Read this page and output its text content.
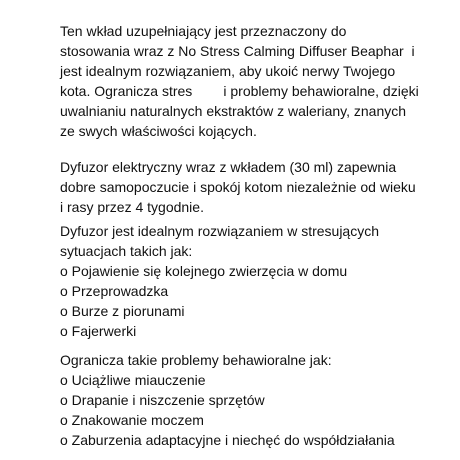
Ten wkład uzupełniający jest przeznaczony do
stosowania wraz z No Stress Calming Diffuser Beaphar  i
jest idealnym rozwiązaniem, aby ukoić nerwy Twojego
kota. Ogranicza stres        i problemy behawioralne, dzięki
uwalnianiu naturalnych ekstraktów z waleriany, znanych
ze swych właściwości kojących.

Dyfuzor elektryczny wraz z wkładem (30 ml) zapewnia
dobre samopoczucie i spokój kotom niezależnie od wieku
i rasy przez 4 tygodnie.

Dyfuzor jest idealnym rozwiązaniem w stresujących
sytuacjach takich jak:
o Pojawienie się kolejnego zwierzęcia w domu
o Przeprowadzka
o Burze z piorunami
o Fajerwerki
Ogranicza takie problemy behawioralne jak:
o Uciążliwe miauczenie
o Drapanie i niszczenie sprzętów
o Znakowanie moczem
o Zaburzenia adaptacyjne i niechęć do współdziałania
